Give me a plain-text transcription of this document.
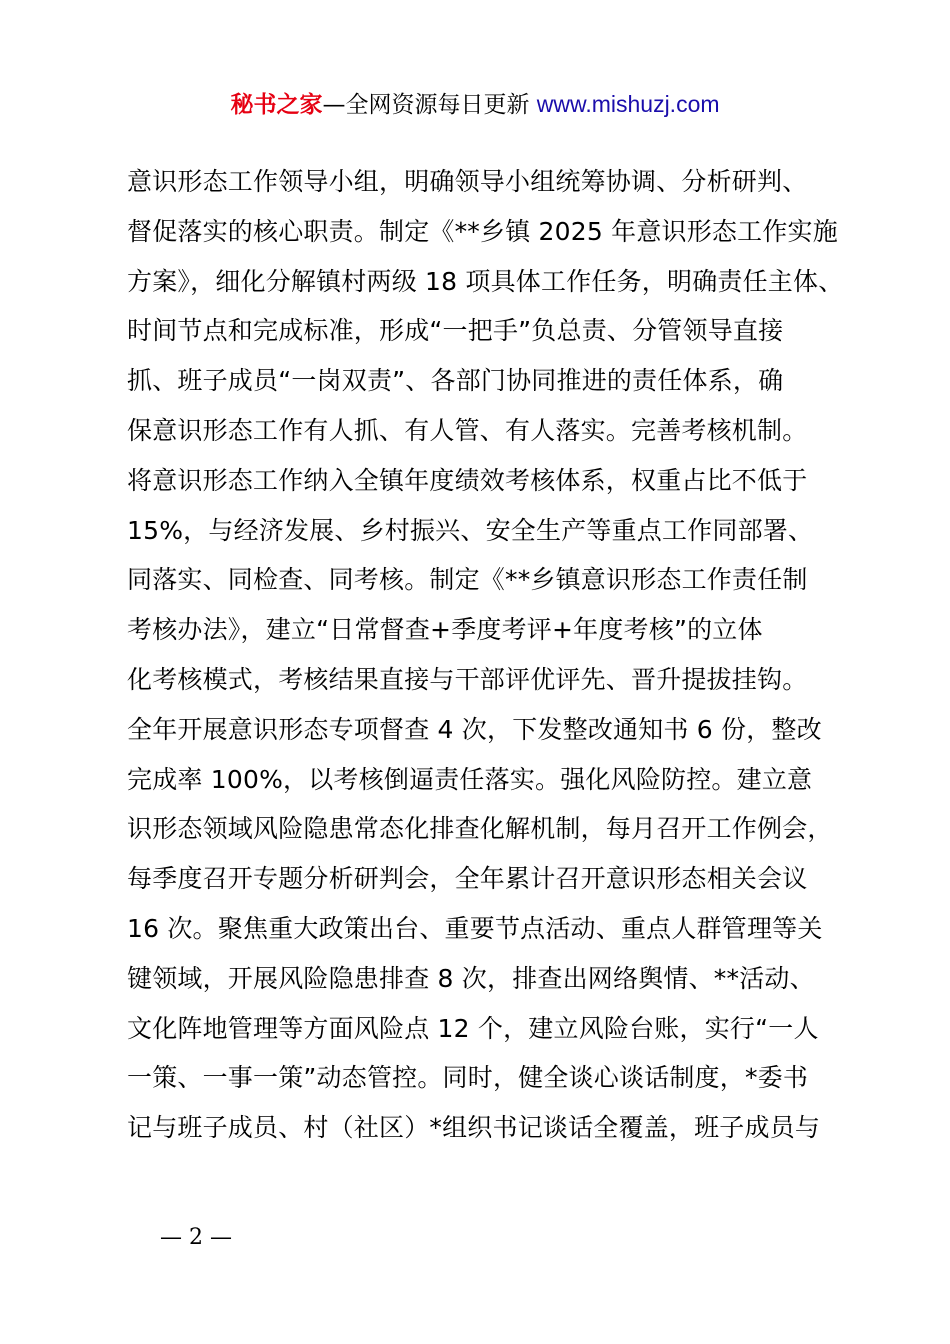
秘书之家—全网资源每日更新 www.mishuzj.com
意识形态工作领导小组，明确领导小组统筹协调、分析研判、
督促落实的核心职责。制定《**乡镇 2025 年意识形态工作实施
方案》，细化分解镇村两级 18 项具体工作任务，明确责任主体、
时间节点和完成标准，形成“一把手”负总责、分管领导直接
抓、班子成员“一岗双责”、各部门协同推进的责任体系，确
保意识形态工作有人抓、有人管、有人落实。完善考核机制。
将意识形态工作纳入全镇年度绩效考核体系，权重占比不低于
15%，与经济发展、乡村振兴、安全生产等重点工作同部署、
同落实、同检查、同考核。制定《**乡镇意识形态工作责任制
考核办法》，建立“日常督查+季度考评+年度考核”的立体
化考核模式，考核结果直接与干部评优评先、晋升提拔挂钩。
全年开展意识形态专项督查 4 次，下发整改通知书 6 份，整改
完成率 100%，以考核倒逼责任落实。强化风险防控。建立意
识形态领域风险隐患常态化排查化解机制，每月召开工作例会，
每季度召开专题分析研判会，全年累计召开意识形态相关会议
16 次。聚焦重大政策出台、重要节点活动、重点人群管理等关
键领域，开展风险隐患排查 8 次，排查出网络舆情、**活动、
文化阵地管理等方面风险点 12 个，建立风险台账，实行“一人
一策、一事一策”动态管控。同时，健全谈心谈话制度，*委书
记与班子成员、村（社区）*组织书记谈话全覆盖，班子成员与
— 2 —
